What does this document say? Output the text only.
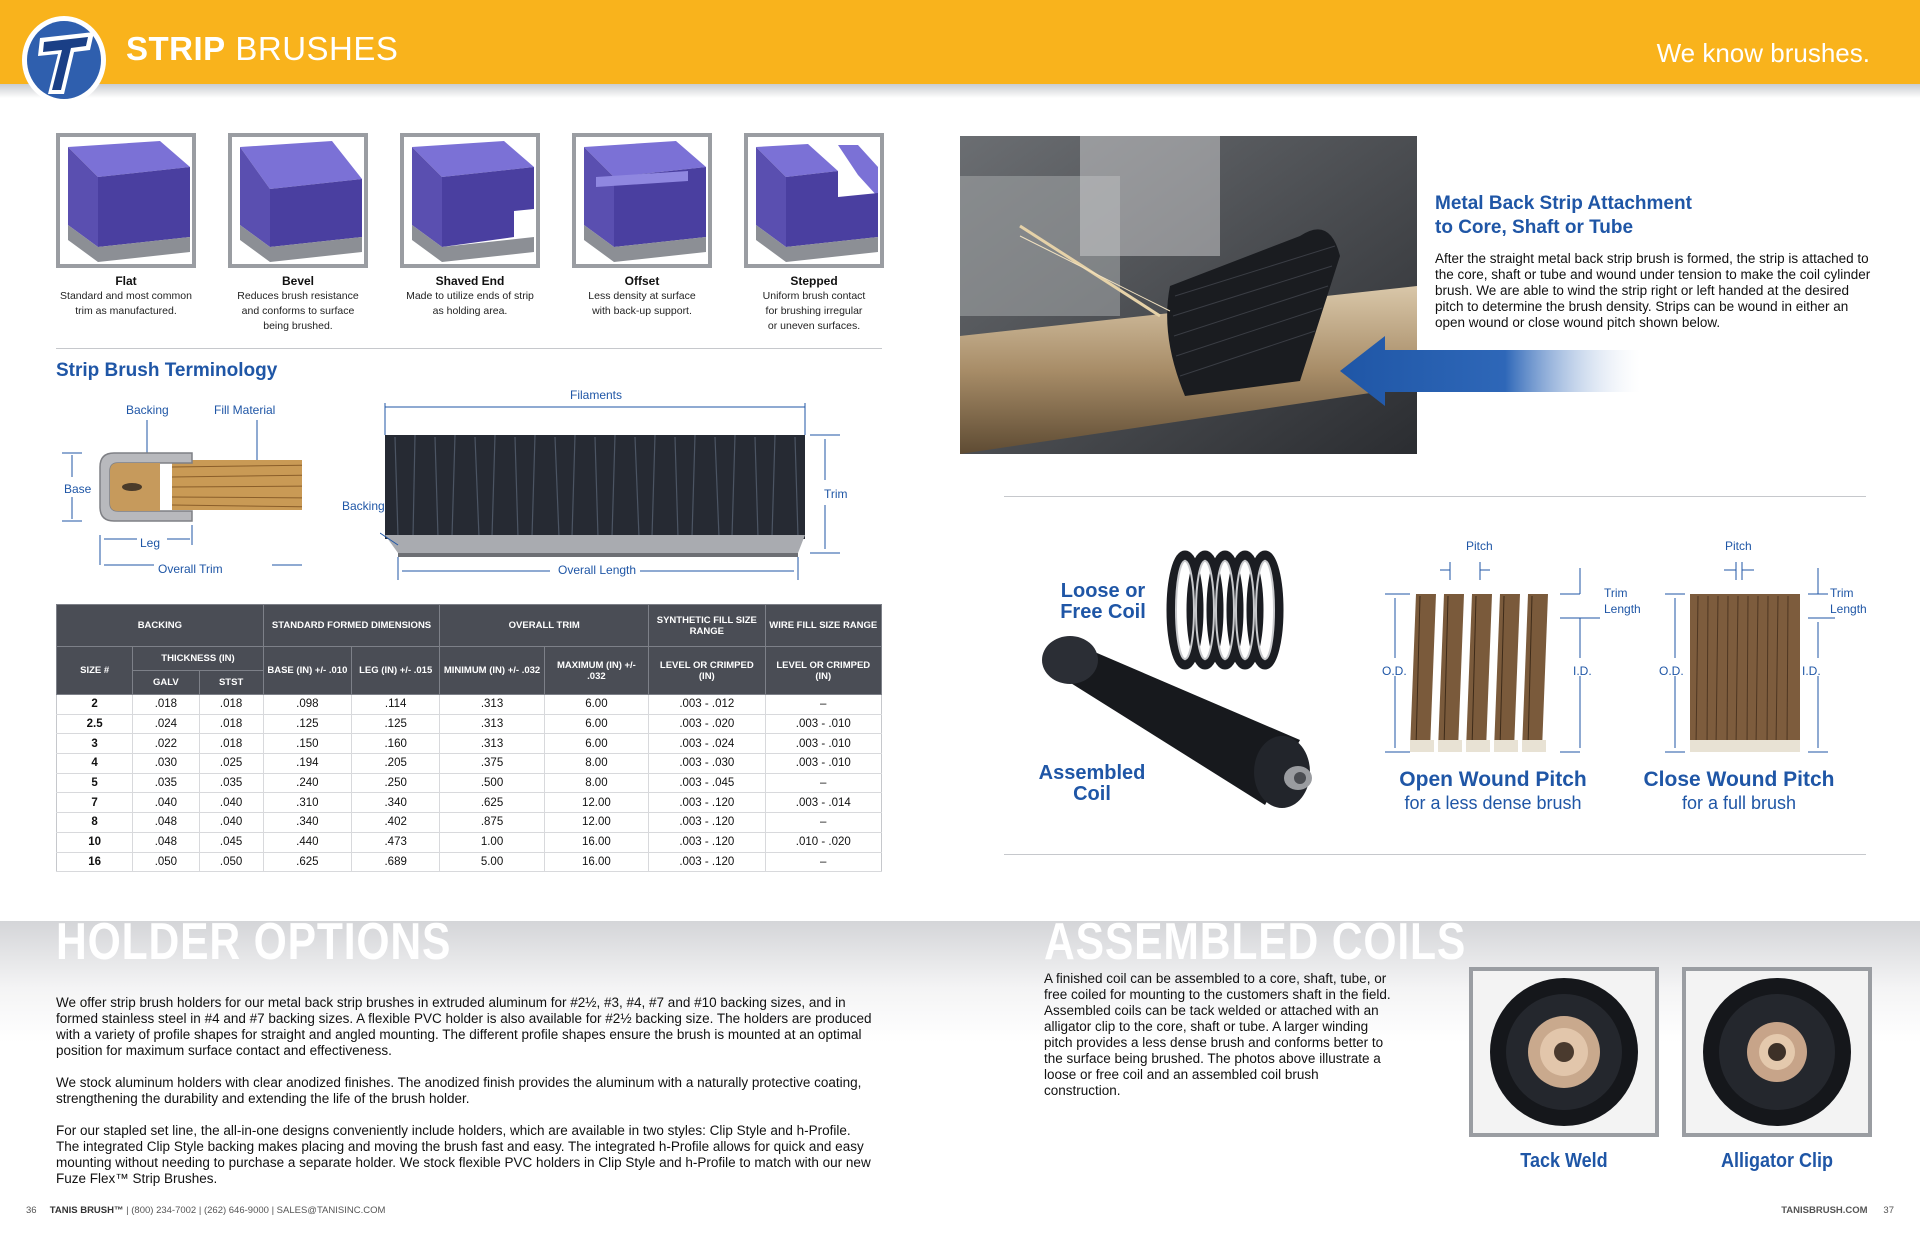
®
STRIP BRUSHES	We know brushes.
Flat
Standard and most common
trim as manufactured.
Bevel
Reduces brush resistance
and conforms to surface
being brushed.
Shaved End
Made to utilize ends of strip
as holding area.
Offset
Less density at surface
with back-up support.
Stepped
Uniform brush contact
for brushing irregular
or uneven surfaces.
Strip Brush Terminology
Backing	Fill Material
Base
Leg
Overall Trim
Filaments
Backing
Trim
Overall Length
BACKING			STANDARD FORMED DIMENSIONS		OVERALL TRIM		SYNTHETIC FILL SIZE RANGE	WIRE FILL SIZE RANGE
SIZE #	THICKNESS (IN)		BASE (IN) +/- .010	LEG (IN) +/- .015	MINIMUM (IN) +/- .032	MAXIMUM (IN) +/- .032	LEVEL OR CRIMPED (IN)	LEVEL OR CRIMPED (IN)
	GALV	STST						
2	.018	.018	.098	.114	.313	6.00	.003 - .012	–
2.5	.024	.018	.125	.125	.313	6.00	.003 - .020	.003 - .010
3	.022	.018	.150	.160	.313	6.00	.003 - .024	.003 - .010
4	.030	.025	.194	.205	.375	8.00	.003 - .030	.003 - .010
5	.035	.035	.240	.250	.500	8.00	.003 - .045	–
7	.040	.040	.310	.340	.625	12.00	.003 - .120	.003 - .014
8	.048	.040	.340	.402	.875	12.00	.003 - .120	–
10	.048	.045	.440	.473	1.00	16.00	.003 - .120	.010 - .020
16	.050	.050	.625	.689	5.00	16.00	.003 - .120	–
Metal Back Strip Attachment
to Core, Shaft or Tube
After the straight metal back strip brush is formed, the strip is attached to the core, shaft or tube and wound under tension to make the coil cylinder brush. We are able to wind the strip right or left handed at the desired pitch to determine the brush density. Strips can be wound in either an open wound or close wound pitch shown below.
Loose or
Free Coil
Assembled
Coil
Pitch
Trim
Length
O.D.	I.D.
Open Wound Pitch
for a less dense brush
Pitch
Trim
Length
O.D.	I.D.
Close Wound Pitch
for a full brush
HOLDER OPTIONS

We offer strip brush holders for our metal back strip brushes in extruded aluminum for #2½, #3, #4, #7 and #10 backing sizes, and in formed stainless steel in #4 and #7 backing sizes. A flexible PVC holder is also available for #2½ backing size. The holders are produced with a variety of profile shapes for straight and angled mounting. The different profile shapes ensure the brush is mounted at an optimal position for maximum surface contact and effectiveness.

We stock aluminum holders with clear anodized finishes. The anodized finish provides the aluminum with a naturally protective coating, strengthening the durability and extending the life of the brush holder.

For our stapled set line, the all-in-one designs conveniently include holders, which are available in two styles: Clip Style and h-Profile. The integrated Clip Style backing makes placing and moving the brush fast and easy. The integrated h-Profile allows for quick and easy mounting without needing to purchase a separate holder. We stock flexible PVC holders in Clip Style and h-Profile to match with our new Fuze Flex™ Strip Brushes.

ASSEMBLED COILS
A finished coil can be assembled to a core, shaft, tube, or free coiled for mounting to the customers shaft in the field. Assembled coils can be tack welded or attached with an alligator clip to the core, shaft or tube. A larger winding pitch provides a less dense brush and conforms better to the surface being brushed. The photos above illustrate a loose or free coil and an assembled coil brush construction.
Tack Weld	Alligator Clip
36 TANIS BRUSH™ | (800) 234-7002 | (262) 646-9000 | SALES@TANISINC.COM	TANISBRUSH.COM 37
